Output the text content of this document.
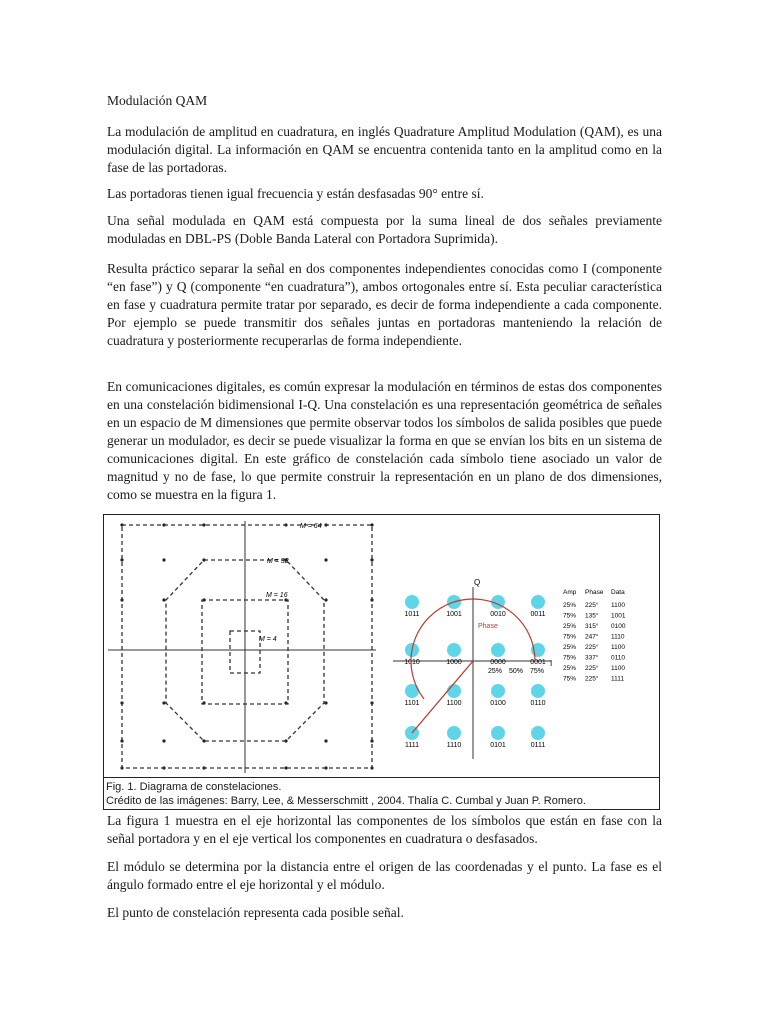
Modulación QAM

La modulación de amplitud en cuadratura, en inglés Quadrature Amplitud Modulation (QAM), es una modulación digital. La información en QAM se encuentra contenida tanto en la amplitud como en la fase de las portadoras.

Las portadoras tienen igual frecuencia y están desfasadas 90° entre sí.

Una señal modulada en QAM está compuesta por la suma lineal de dos señales previamente moduladas en DBL-PS (Doble Banda Lateral con Portadora Suprimida).

Resulta práctico separar la señal en dos componentes independientes conocidas como I (componente “en fase”) y Q (componente “en cuadratura”), ambos ortogonales entre sí. Esta peculiar característica en fase y cuadratura permite tratar por separado, es decir de forma independiente a cada componente. Por ejemplo se puede transmitir dos señales juntas en portadoras manteniendo la relación de cuadratura y posteriormente recuperarlas de forma independiente.

En comunicaciones digitales, es común expresar la modulación en términos de estas dos componentes en una constelación bidimensional I-Q. Una constelación es una representación geométrica de señales en un espacio de M dimensiones que permite observar todos los símbolos de salida posibles que puede generar un modulador, es decir se puede visualizar la forma en que se envían los bits en un sistema de comunicaciones digital. En este gráfico de constelación cada símbolo tiene asociado un valor de magnitud y no de fase, lo que permite construir la representación en un plano de dos dimensiones, como se muestra en la figura 1.

M = 64
M = 32
M = 16
M = 4
Q
I
1011	1001	0010	0011
1010	1000	0000	0001
1101	1100	0100	0110
1111	1110	0101	0111
Phase
25% 50% 75%
Amp Phase Data
25% 225° 1100
75% 135° 1001
25% 315° 0100
75% 247° 1110
25% 225° 1100
75% 337° 0110
25% 225° 1100
75% 225° 1111
Fig. 1. Diagrama de constelaciones.
Crédito de las imágenes: Barry, Lee, & Messerschmitt , 2004. Thalía C. Cumbal y Juan P. Romero.

La figura 1 muestra en el eje horizontal las componentes de los símbolos que están en fase con la señal portadora y en el eje vertical los componentes en cuadratura o desfasados.

El módulo se determina por la distancia entre el origen de las coordenadas y el punto. La fase es el ángulo formado entre el eje horizontal y el módulo.

El punto de constelación representa cada posible señal.
